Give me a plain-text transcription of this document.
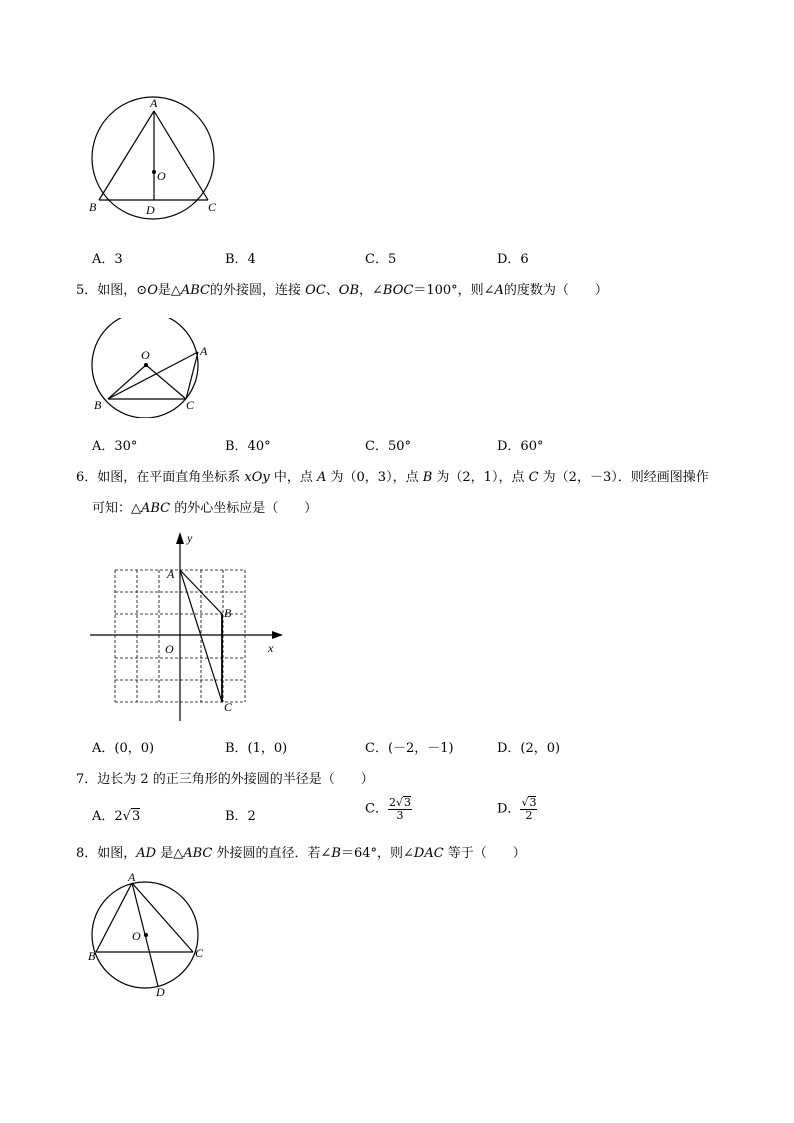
A
O
B	D	C
A．3	B．4	C．5	D．6
5．如图，⊙O是△ABC的外接圆，连接 OC、OB，∠BOC＝100°，则∠A的度数为（　　）
O	A
B	C
A．30°	B．40°	C．50°	D．60°
6．如图，在平面直角坐标系 xOy 中，点 A 为（0，3），点 B 为（2，1），点 C 为（2，－3）．则经画图操作
可知：△ABC 的外心坐标应是（　　）
y
x
A
B
O
C
A．(0，0)	B．(1，0)	C．(－2，－1)	D．(2，0)
7．边长为 2 的正三角形的外接圆的半径是（　　）
A．2√3	B．2	C． $\frac{2√3}{3}$	D． $\frac{√3}{2}$
8．如图，AD 是△ABC 外接圆的直径．若∠B＝64°，则∠DAC 等于（　　）
A
O
B	C
D
